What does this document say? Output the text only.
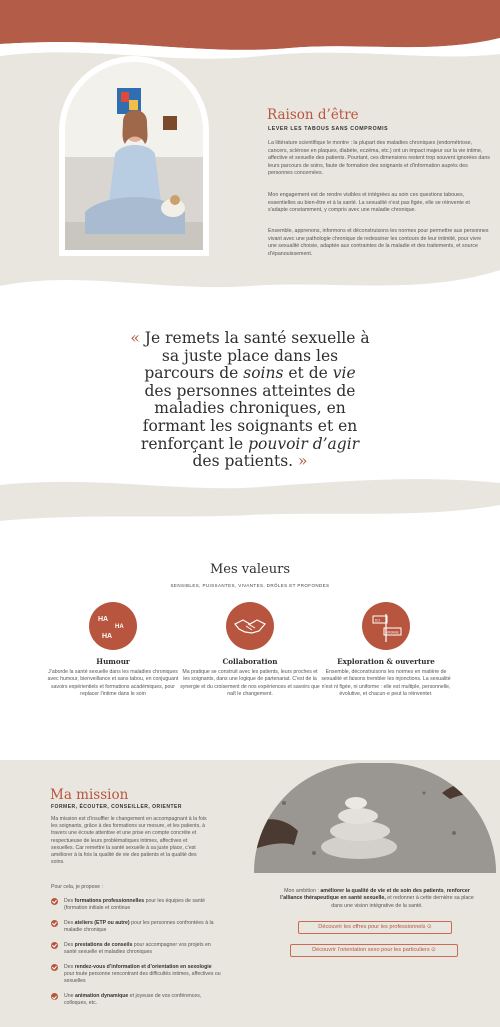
Raison d’être
LEVER LES TABOUS SANS COMPROMIS

La littérature scientifique le montre : la plupart des maladies chroniques (endométriose, cancers, sclérose en plaques, diabète, eczéma, etc.) ont un impact majeur sur la vie intime, affective et sexuelle des patients. Pourtant, ces dimensions restent trop souvent ignorées dans leurs parcours de soins, faute de formation des soignants et d'information auprès des personnes concernées.

Mon engagement est de rendre visibles et intégrées au soin ces questions taboues, essentielles au bien-être et à la santé. La sexualité n'est pas figée, elle se réinvente et s'adapte constamment, y compris avec une maladie chronique.

Ensemble, apprenons, informons et déconstruisons les normes pour permettre aux personnes vivant avec une pathologie chronique de redessiner les contours de leur intimité, pour vivre une sexualité choisie, adaptée aux contraintes de la maladie et des traitements, et source d'épanouissement.

« Je remets la santé sexuelle à sa juste place dans les parcours de soins et de vie des personnes atteintes de maladies chroniques, en formant les soignants et en renforçant le pouvoir d’agir des patients. »
Mes valeurs
SENSIBLES, PUISSANTES, VIVANTES, DRÔLES ET PROFONDES
HA
HA
HA
ICI
VIRAGE
Humour	Collaboration	Exploration & ouverture

J’aborde la santé sexuelle dans les maladies chroniques avec humour, bienveillance et sans tabou, en conjuguant savoirs expérientiels et formations académiques, pour replacer l’intime dans le soin

Ma pratique se construit avec les patients, leurs proches et les soignants, dans une logique de partenariat. C’est de la synergie et du croisement de nos expériences et savoirs que naît le changement.

Ensemble, déconstruisons les normes en matière de sexualité et faisons trembler les injonctions. La sexualité n'est ni figée, ni uniforme : elle est multiple, personnelle, évolutive, et chacun·e peut la réinventer.

Ma mission
FORMER, ÉCOUTER, CONSEILLER, ORIENTER

Ma mission est d’insuffler le changement en accompagnant à la fois les soignants, grâce à des formations sur mesure, et les patients, à travers une écoute attentive et une prise en compte concrète et respectueuse de leurs problématiques intimes, affectives et sexuelles. Car remettre la santé sexuelle à sa juste place, c’est améliorer à la fois la qualité de vie des patients et la qualité des soins.

Pour cela, je propose :

Des formations professionnelles pour les équipes de santé (formation initiale et continue
Des ateliers (ETP ou autre) pour les personnes confrontées à la maladie chronique
Des prestations de conseils pour accompagner vos projets en santé sexuelle et maladies chroniques
Des rendez-vous d’information et d’orientation en sexologie pour toute personne rencontrant des difficultés intimes, affectives ou sexuelles
Une animation dynamique et joyeuse de vos conférences, colloques, etc.

Mon ambition : améliorer la qualité de vie et de soin des patients, renforcer l’alliance thérapeutique en santé sexuelle, et redonner à cette dernière sa place dans une vision intégrative de la santé.

Découvrir les offres pour les professionnels ⊙
Découvrir l’orientation sexo pour les particuliers ⊙
